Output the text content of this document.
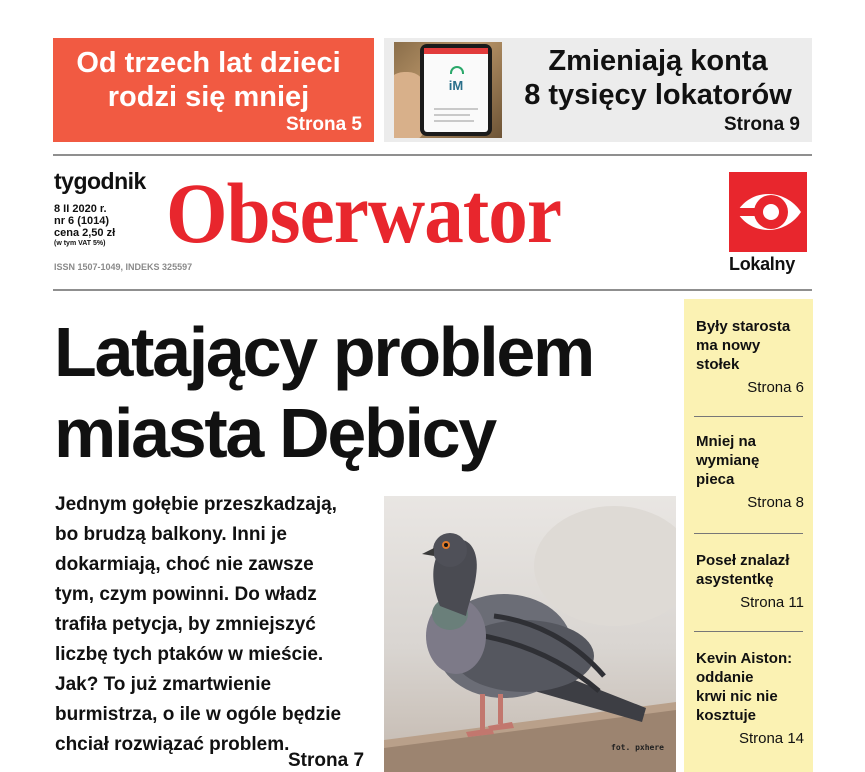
Od trzech lat dzieci
rodzi się mniej
Strona 5
iM
Zmieniają konta
8 tysięcy lokatorów
Strona 9
tygodnik
8 II 2020 r.
nr 6 (1014)
cena 2,50 zł
(w tym VAT 5%)
ISSN 1507-1049, INDEKS 325597
Obserwator
Lokalny
Latający problem
miasta Dębicy
Jednym gołębie przeszkadzają,
bo brudzą balkony. Inni je
dokarmiają, choć nie zawsze
tym, czym powinni. Do władz
trafiła petycja, by zmniejszyć
liczbę tych ptaków w mieście.
Jak? To już zmartwienie
burmistrza, o ile w ogóle będzie
chciał rozwiązać problem.
Strona 7
fot. pxhere
Były starosta
ma nowy
stołek
Strona 6
Mniej na
wymianę
pieca
Strona 8
Poseł znalazł
asystentkę
Strona 11
Kevin Aiston:
oddanie
krwi nic nie
kosztuje
Strona 14
